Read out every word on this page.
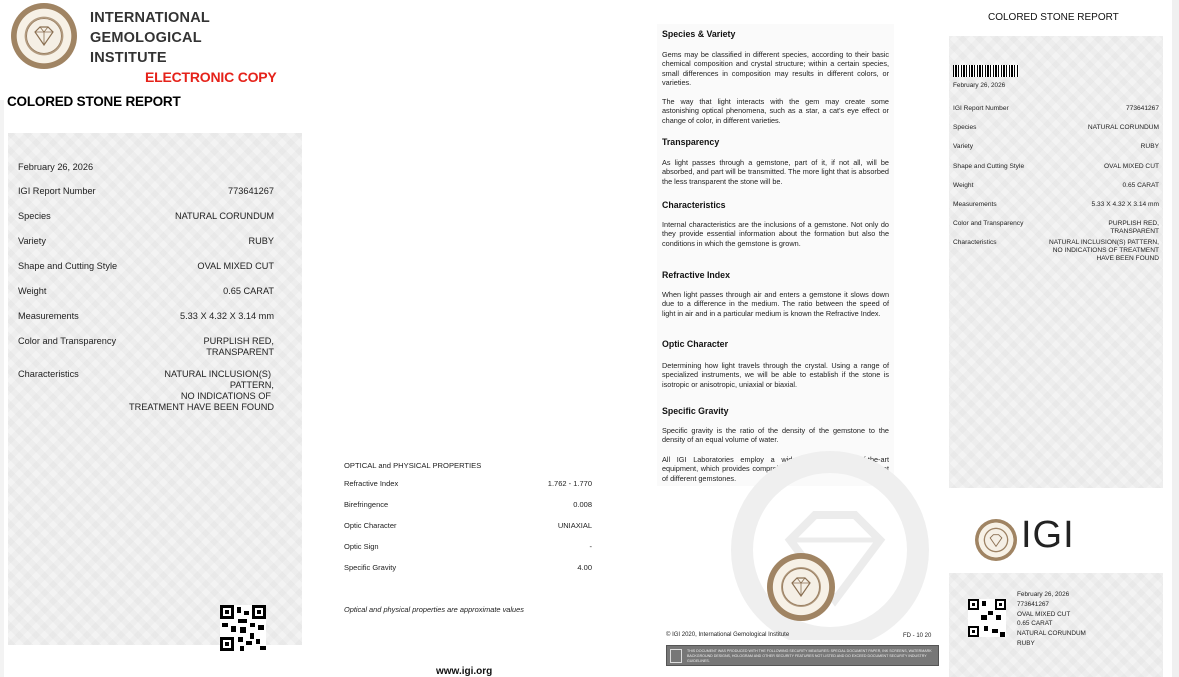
INTERNATIONAL
GEMOLOGICAL
INSTITUTE
ELECTRONIC COPY
COLORED STONE REPORT
February 26, 2026
IGI Report Number	773641267
Species	NATURAL CORUNDUM
Variety	RUBY
Shape and Cutting Style	OVAL MIXED CUT
Weight	0.65 CARAT
Measurements	5.33 X 4.32 X 3.14 mm
Color and Transparency	PURPLISH RED,
TRANSPARENT
Characteristics	NATURAL INCLUSION(S)
PATTERN,
NO INDICATIONS OF
TREATMENT HAVE BEEN FOUND
OPTICAL and PHYSICAL PROPERTIES
Refractive Index	1.762 - 1.770
Birefringence	0.008
Optic Character	UNIAXIAL
Optic Sign	-
Specific Gravity	4.00
Optical and physical properties are approximate values
www.igi.org
Species & Variety
Gems may be classified in different species, according to their basic chemical composition and crystal structure; within a certain species, small differences in composition may results in different colors, or varieties.
The way that light interacts with the gem may create some astonishing optical phenomena, such as a star, a cat's eye effect or change of color, in different varieties.
Transparency
As light passes through a gemstone, part of it, if not all, will be absorbed, and part will be transmitted. The more light that is absorbed the less transparent the stone will be.
Characteristics
Internal characteristics are the inclusions of a gemstone. Not only do they provide essential information about the formation but also the conditions in which the gemstone is grown.
Refractive Index
When light passes through air and enters a gemstone it slows down due to a difference in the medium. The ratio between the speed of light in air and in a particular medium is known the Refractive Index.
Optic Character
Determining how light travels through the crystal. Using a range of specialized instruments, we will be able to establish if the stone is isotropic or anisotropic, uniaxial or biaxial.
Specific Gravity
Specific gravity is the ratio of the density of the gemstone to the density of an equal volume of water.
All IGI Laboratories employ a wide range of state-of-the-art equipment, which provides comprehensive and accurate assessment of different gemstones.
© IGI 2020, International Gemological Institute	FD - 10 20
THIS DOCUMENT WAS PRODUCED WITH THE FOLLOWING SECURITY MEASURES: SPECIAL DOCUMENT PAPER, INK SCREENS, WATERMARK BACKGROUND DESIGNS, HOLOGRAM AND OTHER SECURITY FEATURES NOT LISTED AND DO EXCEED DOCUMENT SECURITY INDUSTRY GUIDELINES.
COLORED STONE REPORT
February 26, 2026
IGI Report Number	773641267
Species	NATURAL CORUNDUM
Variety	RUBY
Shape and Cutting Style	OVAL MIXED CUT
Weight	0.65 CARAT
Measurements	5.33 X 4.32 X 3.14 mm
Color and Transparency	PURPLISH RED,
TRANSPARENT
Characteristics	NATURAL INCLUSION(S) PATTERN,
NO INDICATIONS OF TREATMENT
HAVE BEEN FOUND
IGI
February 26, 2026
773641267
OVAL MIXED CUT
0.65 CARAT
NATURAL CORUNDUM
RUBY
